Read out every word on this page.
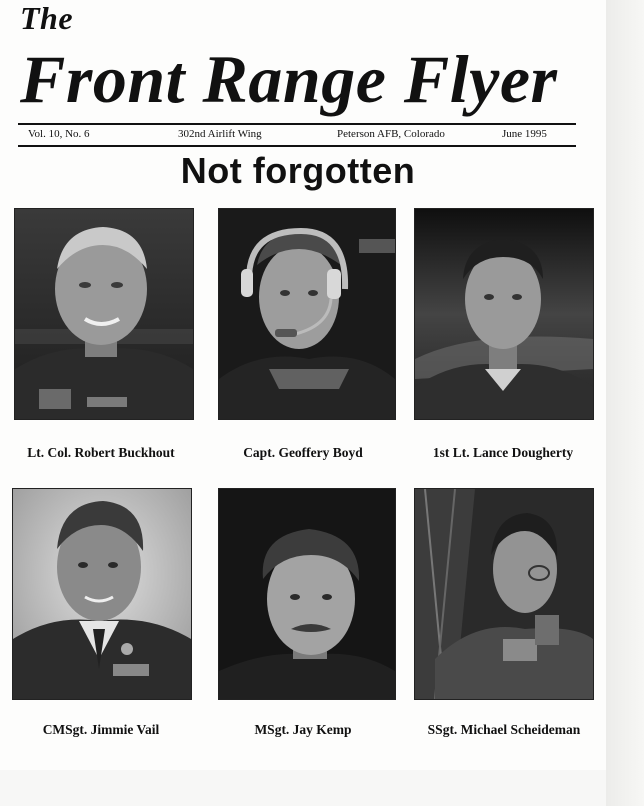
The
Front Range Flyer
Vol. 10, No. 6	302nd Airlift Wing	Peterson AFB, Colorado	June 1995
Not forgotten
Lt. Col. Robert Buckhout	Capt. Geoffery Boyd	1st Lt. Lance Dougherty
CMSgt. Jimmie Vail	MSgt. Jay Kemp	SSgt. Michael Scheideman
